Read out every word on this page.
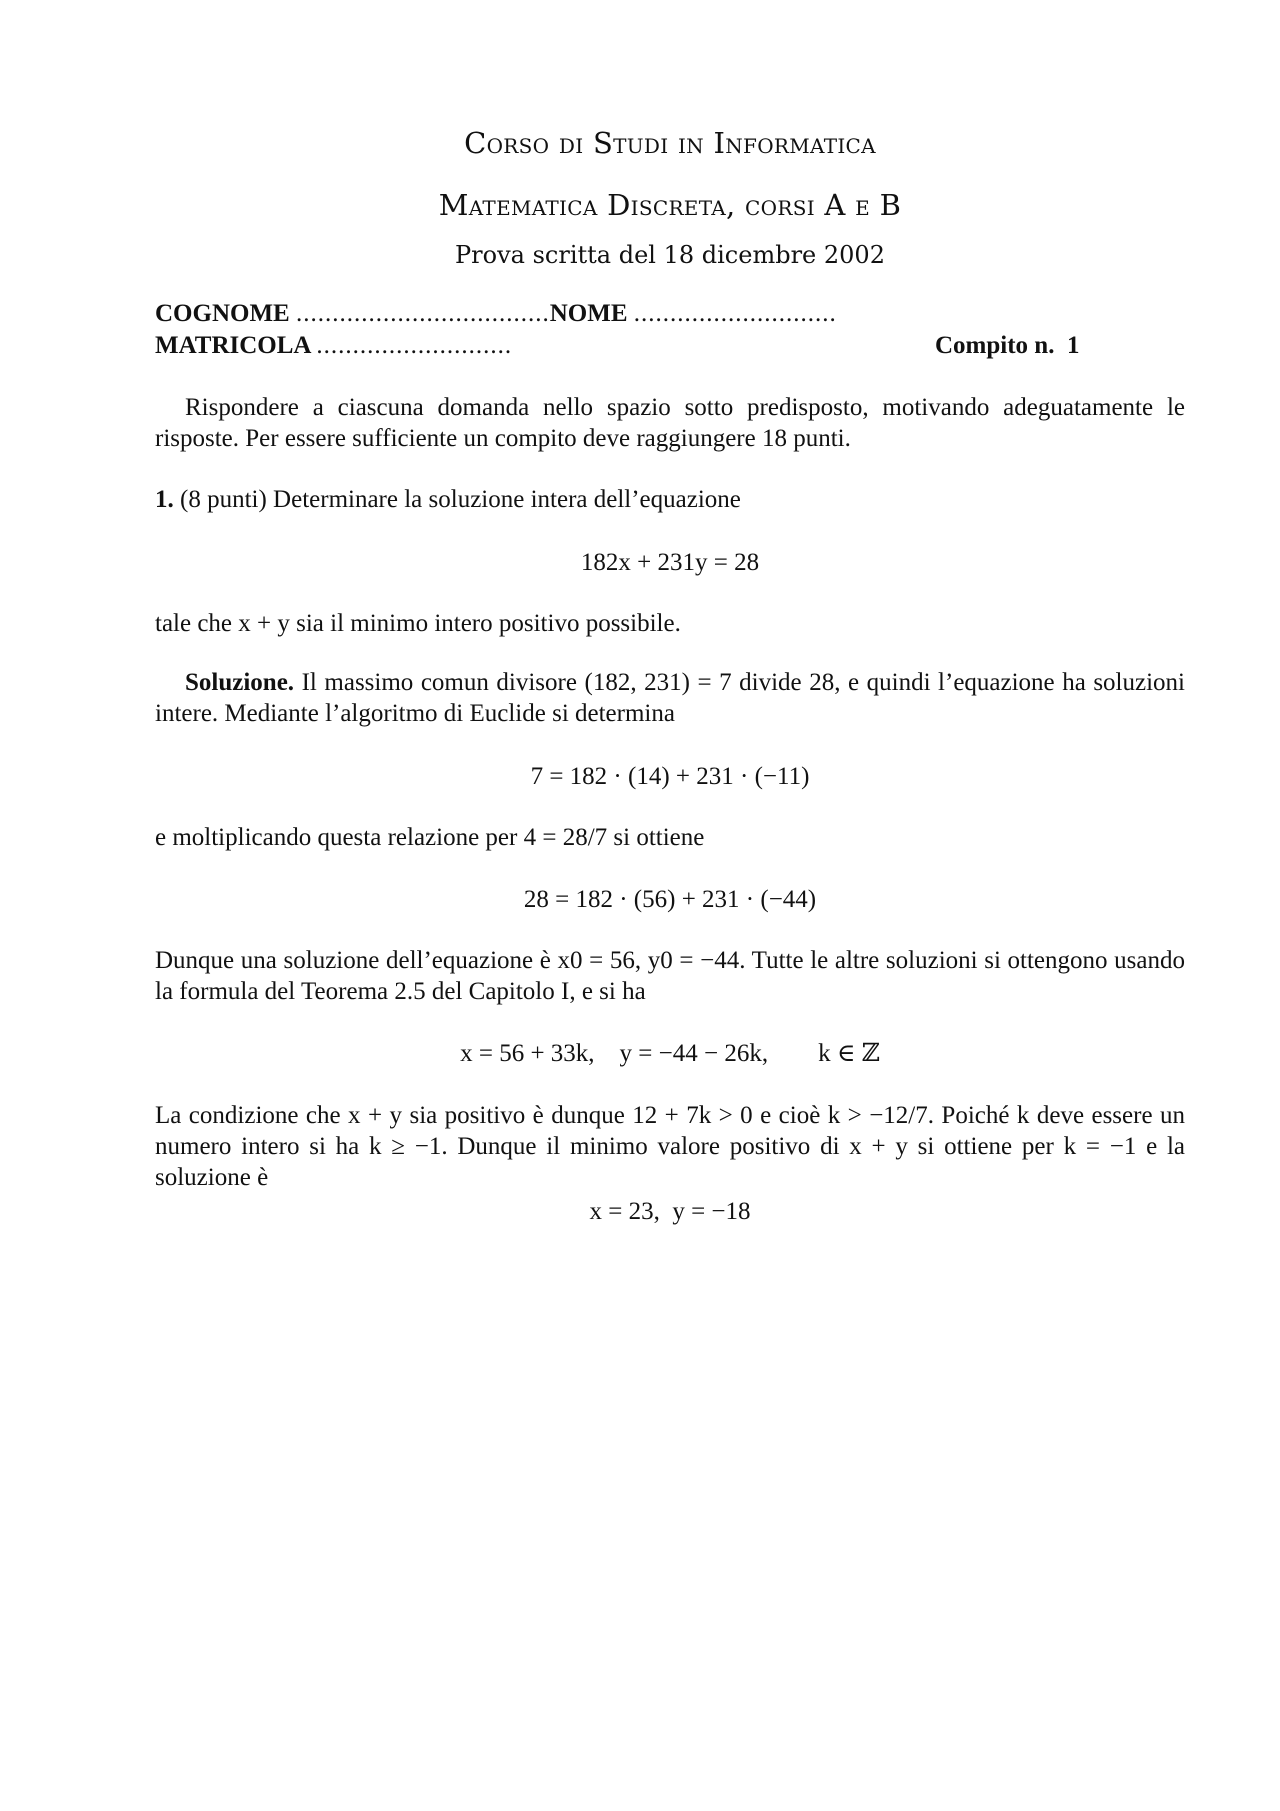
Corso di Studi in Informatica
Matematica Discreta, corsi A e B
Prova scritta del 18 dicembre 2002
COGNOME ...................................NOME ............................
MATRICOLA ...........................	Compito n. 1
Rispondere a ciascuna domanda nello spazio sotto predisposto, motivando adeguatamente le risposte. Per essere sufficiente un compito deve raggiungere 18 punti.
1. (8 punti) Determinare la soluzione intera dell’equazione
182x + 231y = 28
tale che x + y sia il minimo intero positivo possibile.
Soluzione. Il massimo comun divisore (182, 231) = 7 divide 28, e quindi l’equazione ha soluzioni intere. Mediante l’algoritmo di Euclide si determina
7 = 182 · (14) + 231 · (−11)
e moltiplicando questa relazione per 4 = 28/7 si ottiene
28 = 182 · (56) + 231 · (−44)
Dunque una soluzione dell’equazione è x0 = 56, y0 = −44. Tutte le altre soluzioni si ottengono usando la formula del Teorema 2.5 del Capitolo I, e si ha
x = 56 + 33k,    y = −44 − 26k,        k ∈ ℤ
La condizione che x + y sia positivo è dunque 12 + 7k > 0 e cioè k > −12/7. Poiché k deve essere un numero intero si ha k ≥ −1. Dunque il minimo valore positivo di x + y si ottiene per k = −1 e la soluzione è
x = 23,  y = −18
